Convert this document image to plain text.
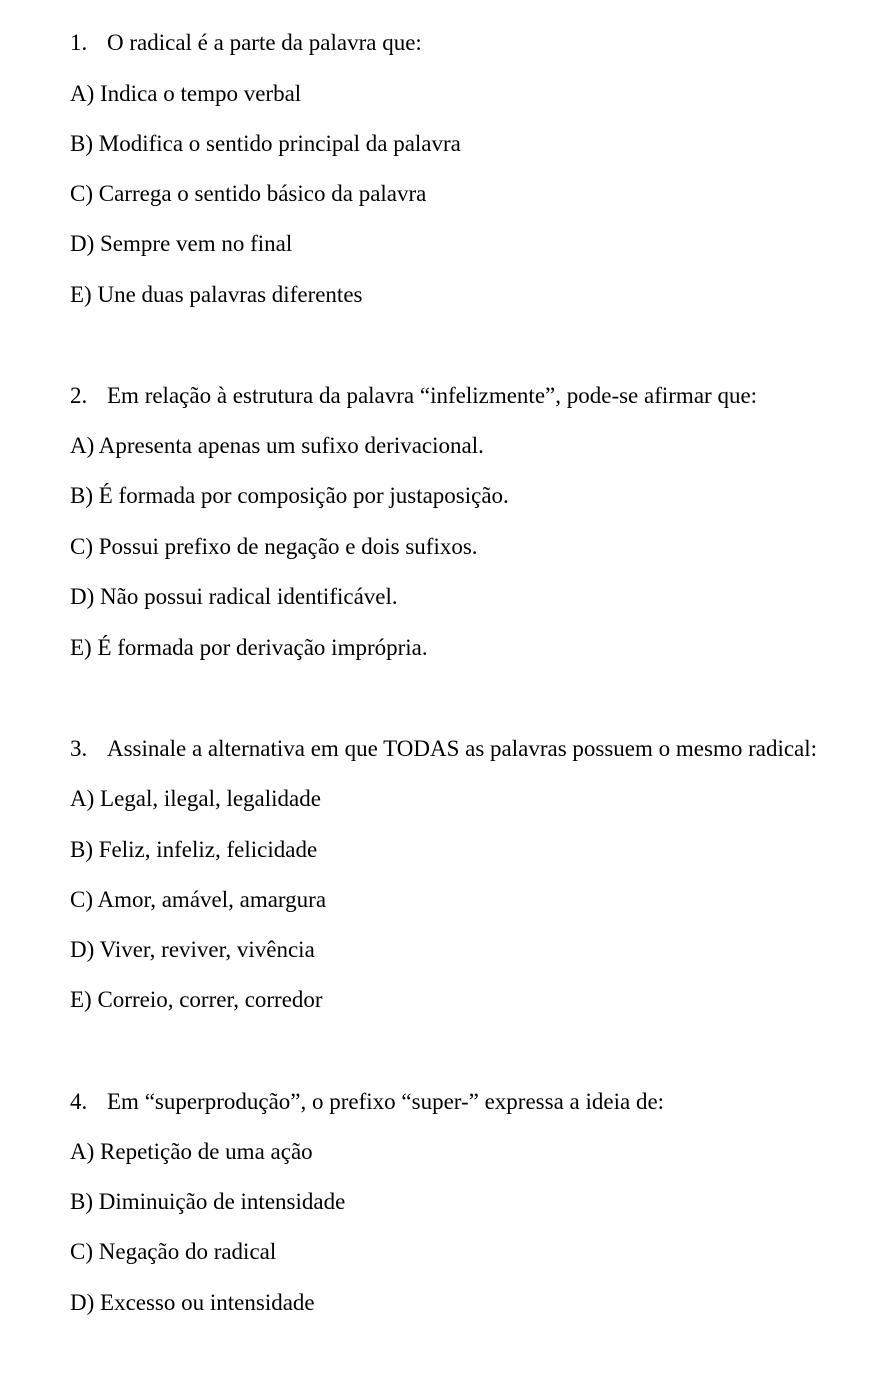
1. O radical é a parte da palavra que:
A) Indica o tempo verbal
B) Modifica o sentido principal da palavra
C) Carrega o sentido básico da palavra
D) Sempre vem no final
E) Une duas palavras diferentes
2. Em relação à estrutura da palavra “infelizmente”, pode-se afirmar que:
A) Apresenta apenas um sufixo derivacional.
B) É formada por composição por justaposição.
C) Possui prefixo de negação e dois sufixos.
D) Não possui radical identificável.
E) É formada por derivação imprópria.
3. Assinale a alternativa em que TODAS as palavras possuem o mesmo radical:
A) Legal, ilegal, legalidade
B) Feliz, infeliz, felicidade
C) Amor, amável, amargura
D) Viver, reviver, vivência
E) Correio, correr, corredor
4. Em “superprodução”, o prefixo “super-” expressa a ideia de:
A) Repetição de uma ação
B) Diminuição de intensidade
C) Negação do radical
D) Excesso ou intensidade
